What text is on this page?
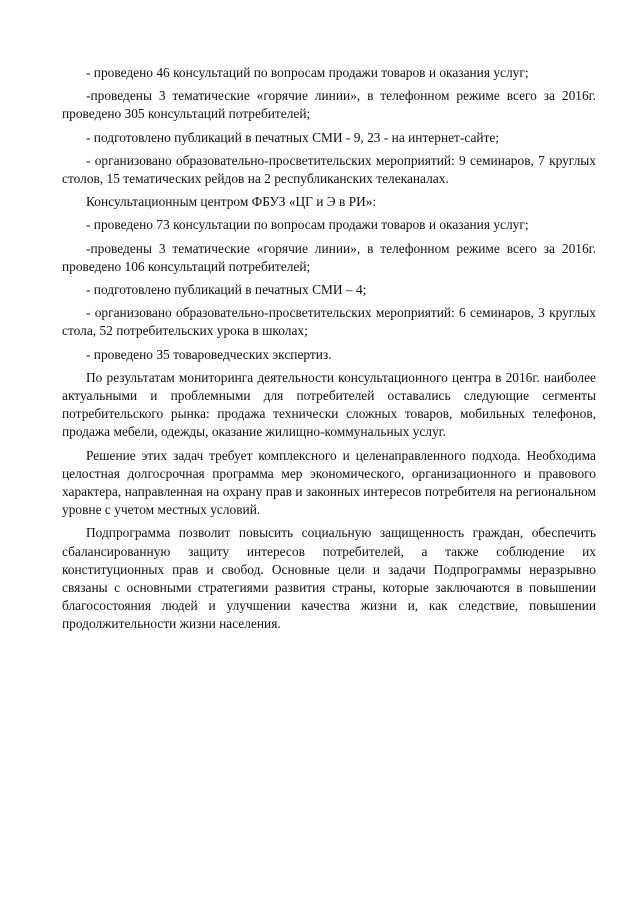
- проведено 46 консультаций по вопросам продажи товаров и оказания услуг;

-проведены 3 тематические «горячие линии», в телефонном режиме всего за 2016г. проведено 305 консультаций потребителей;

- подготовлено публикаций в печатных СМИ - 9, 23 - на интернет-сайте;

- организовано образовательно-просветительских мероприятий: 9 семинаров, 7 круглых столов, 15 тематических рейдов на 2 республиканских телеканалах.

Консультационным центром ФБУЗ «ЦГ и Э в РИ»:

- проведено 73 консультации по вопросам продажи товаров и оказания услуг;

-проведены 3 тематические «горячие линии», в телефонном режиме всего за 2016г. проведено 106 консультаций потребителей;

- подготовлено публикаций в печатных СМИ – 4;

- организовано образовательно-просветительских мероприятий: 6 семинаров, 3 круглых стола, 52 потребительских урока в школах;

- проведено 35 товароведческих экспертиз.

По результатам мониторинга деятельности консультационного центра в 2016г. наиболее актуальными и проблемными для потребителей оставались следующие сегменты потребительского рынка: продажа технически сложных товаров, мобильных телефонов, продажа мебели, одежды, оказание жилищно-коммунальных услуг.

Решение этих задач требует комплексного и целенаправленного подхода. Необходима целостная долгосрочная программа мер экономического, организационного и правового характера, направленная на охрану прав и законных интересов потребителя на региональном уровне с учетом местных условий.

Подпрограмма позволит повысить социальную защищенность граждан, обеспечить сбалансированную защиту интересов потребителей, а также соблюдение их конституционных прав и свобод. Основные цели и задачи Подпрограммы неразрывно связаны с основными стратегиями развития страны, которые заключаются в повышении благосостояния людей и улучшении качества жизни и, как следствие, повышении продолжительности жизни населения.
